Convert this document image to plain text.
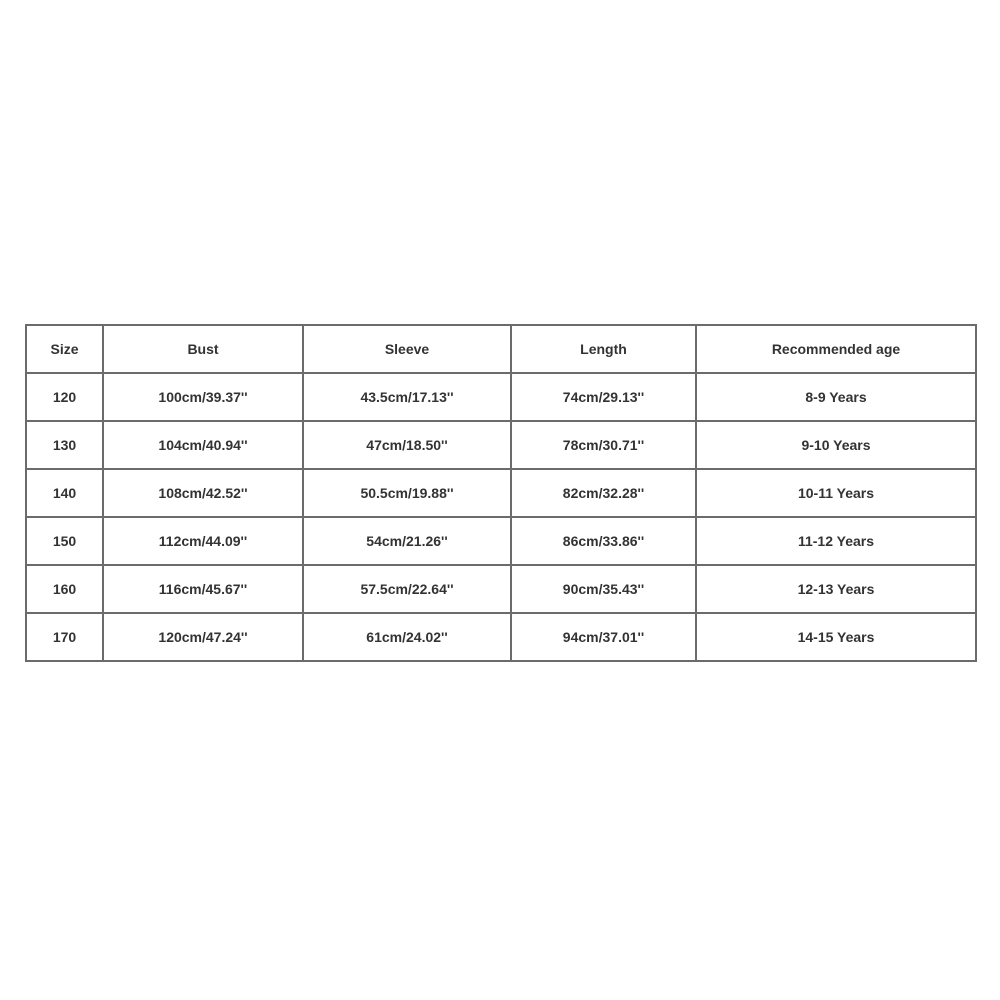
Size	Bust	Sleeve	Length	Recommended age
120	100cm/39.37''	43.5cm/17.13''	74cm/29.13''	8-9 Years
130	104cm/40.94''	47cm/18.50''	78cm/30.71''	9-10 Years
140	108cm/42.52''	50.5cm/19.88''	82cm/32.28''	10-11 Years
150	112cm/44.09''	54cm/21.26''	86cm/33.86''	11-12 Years
160	116cm/45.67''	57.5cm/22.64''	90cm/35.43''	12-13 Years
170	120cm/47.24''	61cm/24.02''	94cm/37.01''	14-15 Years
